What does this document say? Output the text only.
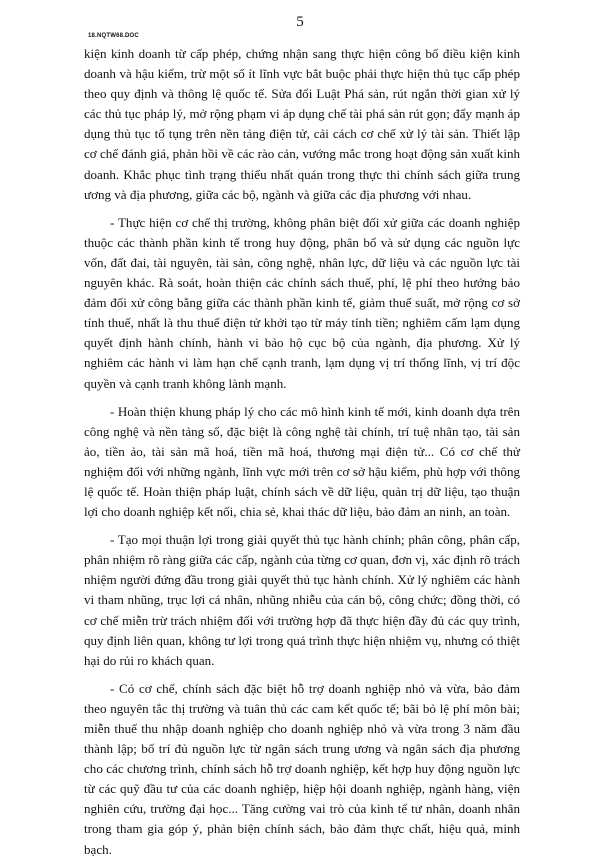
5
18.NQTW68.DOC

kiện kinh doanh từ cấp phép, chứng nhận sang thực hiện công bố điều kiện kinh doanh và hậu kiểm, trừ một số ít lĩnh vực bắt buộc phải thực hiện thủ tục cấp phép theo quy định và thông lệ quốc tế. Sửa đổi Luật Phá sản, rút ngắn thời gian xử lý các thủ tục pháp lý, mở rộng phạm vi áp dụng chế tài phá sản rút gọn; đẩy mạnh áp dụng thủ tục tố tụng trên nền tảng điện tử, cải cách cơ chế xử lý tài sản. Thiết lập cơ chế đánh giá, phản hồi về các rào cản, vướng mắc trong hoạt động sản xuất kinh doanh. Khắc phục tình trạng thiếu nhất quán trong thực thi chính sách giữa trung ương và địa phương, giữa các bộ, ngành và giữa các địa phương với nhau.

- Thực hiện cơ chế thị trường, không phân biệt đối xử giữa các doanh nghiệp thuộc các thành phần kinh tế trong huy động, phân bổ và sử dụng các nguồn lực vốn, đất đai, tài nguyên, tài sản, công nghệ, nhân lực, dữ liệu và các nguồn lực tài nguyên khác. Rà soát, hoàn thiện các chính sách thuế, phí, lệ phí theo hướng bảo đảm đối xử công bằng giữa các thành phần kinh tế, giảm thuế suất, mở rộng cơ sở tính thuế, nhất là thu thuế điện tử khởi tạo từ máy tính tiền; nghiêm cấm lạm dụng quyết định hành chính, hành vi bảo hộ cục bộ của ngành, địa phương. Xử lý nghiêm các hành vi làm hạn chế cạnh tranh, lạm dụng vị trí thống lĩnh, vị trí độc quyền và cạnh tranh không lành mạnh.

- Hoàn thiện khung pháp lý cho các mô hình kinh tế mới, kinh doanh dựa trên công nghệ và nền tảng số, đặc biệt là công nghệ tài chính, trí tuệ nhân tạo, tài sản ảo, tiền ảo, tài sản mã hoá, tiền mã hoá, thương mại điện tử... Có cơ chế thử nghiệm đối với những ngành, lĩnh vực mới trên cơ sở hậu kiểm, phù hợp với thông lệ quốc tế. Hoàn thiện pháp luật, chính sách về dữ liệu, quản trị dữ liệu, tạo thuận lợi cho doanh nghiệp kết nối, chia sẻ, khai thác dữ liệu, bảo đảm an ninh, an toàn.

- Tạo mọi thuận lợi trong giải quyết thủ tục hành chính; phân công, phân cấp, phân nhiệm rõ ràng giữa các cấp, ngành của từng cơ quan, đơn vị, xác định rõ trách nhiệm người đứng đầu trong giải quyết thủ tục hành chính. Xử lý nghiêm các hành vi tham nhũng, trục lợi cá nhân, nhũng nhiễu của cán bộ, công chức; đồng thời, có cơ chế miễn trừ trách nhiệm đối với trường hợp đã thực hiện đầy đủ các quy trình, quy định liên quan, không tư lợi trong quá trình thực hiện nhiệm vụ, nhưng có thiệt hại do rủi ro khách quan.

- Có cơ chế, chính sách đặc biệt hỗ trợ doanh nghiệp nhỏ và vừa, bảo đảm theo nguyên tắc thị trường và tuân thủ các cam kết quốc tế; bãi bỏ lệ phí môn bài; miễn thuế thu nhập doanh nghiệp cho doanh nghiệp nhỏ và vừa trong 3 năm đầu thành lập; bố trí đủ nguồn lực từ ngân sách trung ương và ngân sách địa phương cho các chương trình, chính sách hỗ trợ doanh nghiệp, kết hợp huy động nguồn lực từ các quỹ đầu tư của các doanh nghiệp, hiệp hội doanh nghiệp, ngành hàng, viện nghiên cứu, trường đại học... Tăng cường vai trò của kinh tế tư nhân, doanh nhân trong tham gia góp ý, phản biện chính sách, bảo đảm thực chất, hiệu quả, minh bạch.
